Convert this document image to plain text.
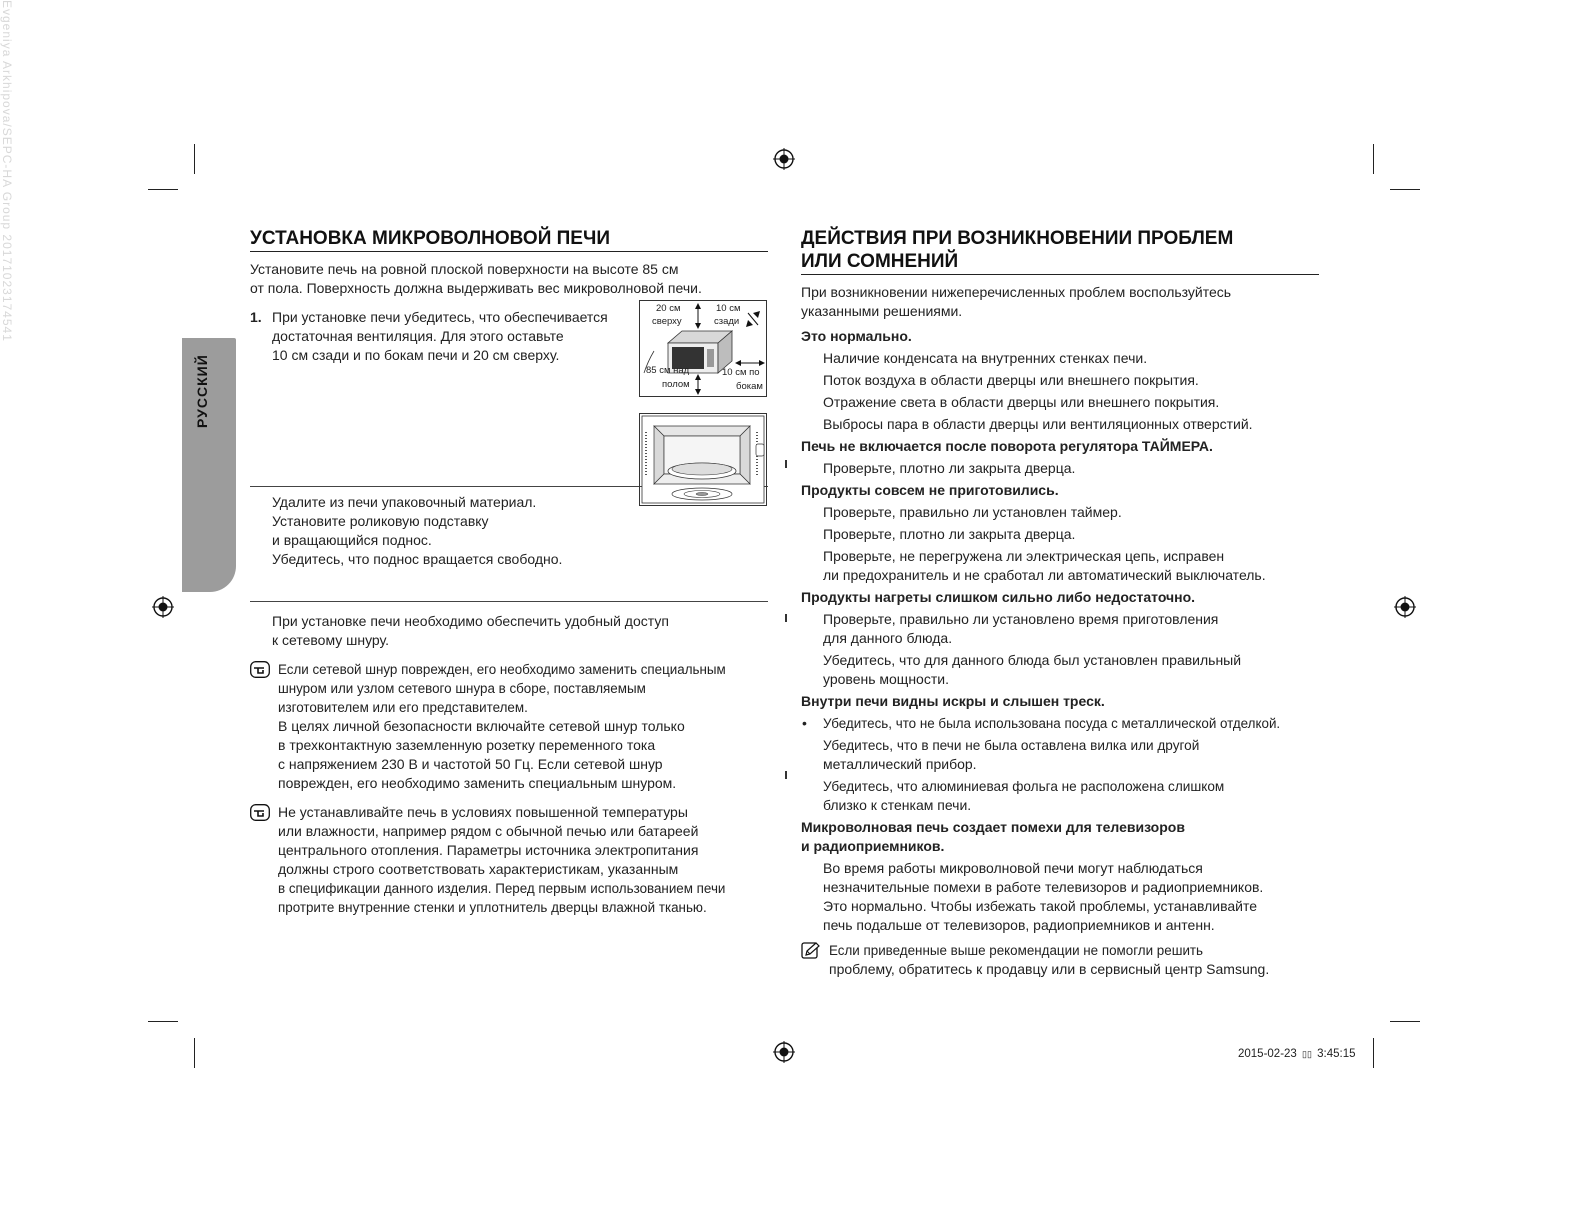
Evgeniya Arkhipova/SEPC-HA Group 20171023174541
2015-02-23 ▯▯ 3:45:15
РУССКИЙ
УСТАНОВКА МИКРОВОЛНОВОЙ ПЕЧИ

Установите печь на ровной плоской поверхности на высоте 85 см

от пола. Поверхность должна выдерживать вес микроволновой печи.

1. При установке печи убедитесь, что обеспечивается

достаточная вентиляция. Для этого оставьте

10 см сзади и по бокам печи и 20 см сверху.

20 см
сверху
10 см
сзади
85 см над
полом
10 см по
бокам

Удалите из печи упаковочный материал.

Установите роликовую подставку

и вращающийся поднос.

Убедитесь, что поднос вращается свободно.

При установке печи необходимо обеспечить удобный доступ

к сетевому шнуру.

Если сетевой шнур поврежден, его необходимо заменить специальным

шнуром или узлом сетевого шнура в сборе, поставляемым

изготовителем или его представителем.

В целях личной безопасности включайте сетевой шнур только

в трехконтактную заземленную розетку переменного тока

с напряжением 230 В и частотой 50 Гц. Если сетевой шнур

поврежден, его необходимо заменить специальным шнуром.

Не устанавливайте печь в условиях повышенной температуры

или влажности, например рядом с обычной печью или батареей

центрального отопления. Параметры источника электропитания

должны строго соответствовать характеристикам, указанным

в спецификации данного изделия. Перед первым использованием печи

протрите внутренние стенки и уплотнитель дверцы влажной тканью.

ДЕЙСТВИЯ ПРИ ВОЗНИКНОВЕНИИ ПРОБЛЕМ
ИЛИ СОМНЕНИЙ

При возникновении нижеперечисленных проблем воспользуйтесь

указанными решениями.

Это нормально.

Наличие конденсата на внутренних стенках печи.

Поток воздуха в области дверцы или внешнего покрытия.

Отражение света в области дверцы или внешнего покрытия.

Выбросы пара в области дверцы или вентиляционных отверстий.

Печь не включается после поворота регулятора ТАЙМЕРА.

Проверьте, плотно ли закрыта дверца.

Продукты совсем не приготовились.

Проверьте, правильно ли установлен таймер.

Проверьте, плотно ли закрыта дверца.

Проверьте, не перегружена ли электрическая цепь, исправен

ли предохранитель и не сработал ли автоматический выключатель.

Продукты нагреты слишком сильно либо недостаточно.

Проверьте, правильно ли установлено время приготовления

для данного блюда.

Убедитесь, что для данного блюда был установлен правильный

уровень мощности.

Внутри печи видны искры и слышен треск.

• Убедитесь, что не была использована посуда с металлической отделкой.

Убедитесь, что в печи не была оставлена вилка или другой

металлический прибор.

Убедитесь, что алюминиевая фольга не расположена слишком

близко к стенкам печи.

Микроволновая печь создает помехи для телевизоров

и радиоприемников.

Во время работы микроволновой печи могут наблюдаться

незначительные помехи в работе телевизоров и радиоприемников.

Это нормально. Чтобы избежать такой проблемы, устанавливайте

печь подальше от телевизоров, радиоприемников и антенн.

Если приведенные выше рекомендации не помогли решить

проблему, обратитесь к продавцу или в сервисный центр Samsung.
